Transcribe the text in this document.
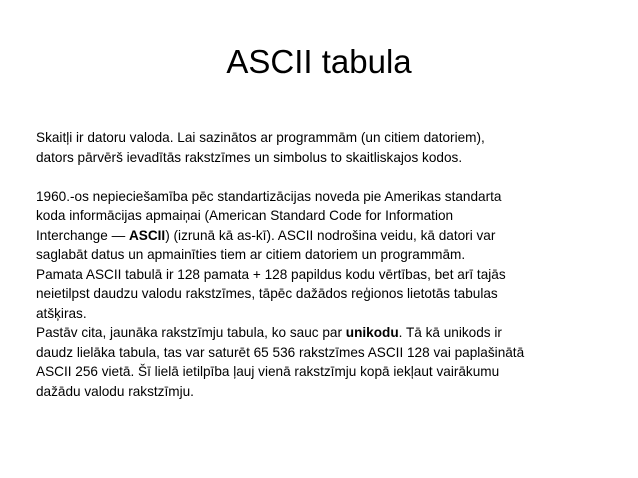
ASCII tabula

Skaitļi ir datoru valoda. Lai sazinātos ar programmām (un citiem datoriem),
dators pārvērš ievadītās rakstzīmes un simbolus to skaitliskajos kodos.

1960.-os nepieciešamība pēc standartizācijas noveda pie Amerikas standarta
koda informācijas apmaiņai (American Standard Code for Information
Interchange — ASCII) (izrunā kā as-kī). ASCII nodrošina veidu, kā datori var
saglabāt datus un apmainīties tiem ar citiem datoriem un programmām.

Pamata ASCII tabulā ir 128 pamata + 128 papildus kodu vērtības, bet arī tajās
neietilpst daudzu valodu rakstzīmes, tāpēc dažādos reģionos lietotās tabulas
atšķiras.

Pastāv cita, jaunāka rakstzīmju tabula, ko sauc par unikodu. Tā kā unikods ir
daudz lielāka tabula, tas var saturēt 65 536 rakstzīmes ASCII 128 vai paplašinātā
ASCII 256 vietā. Šī lielā ietilpība ļauj vienā rakstzīmju kopā iekļaut vairākumu
dažādu valodu rakstzīmju.
